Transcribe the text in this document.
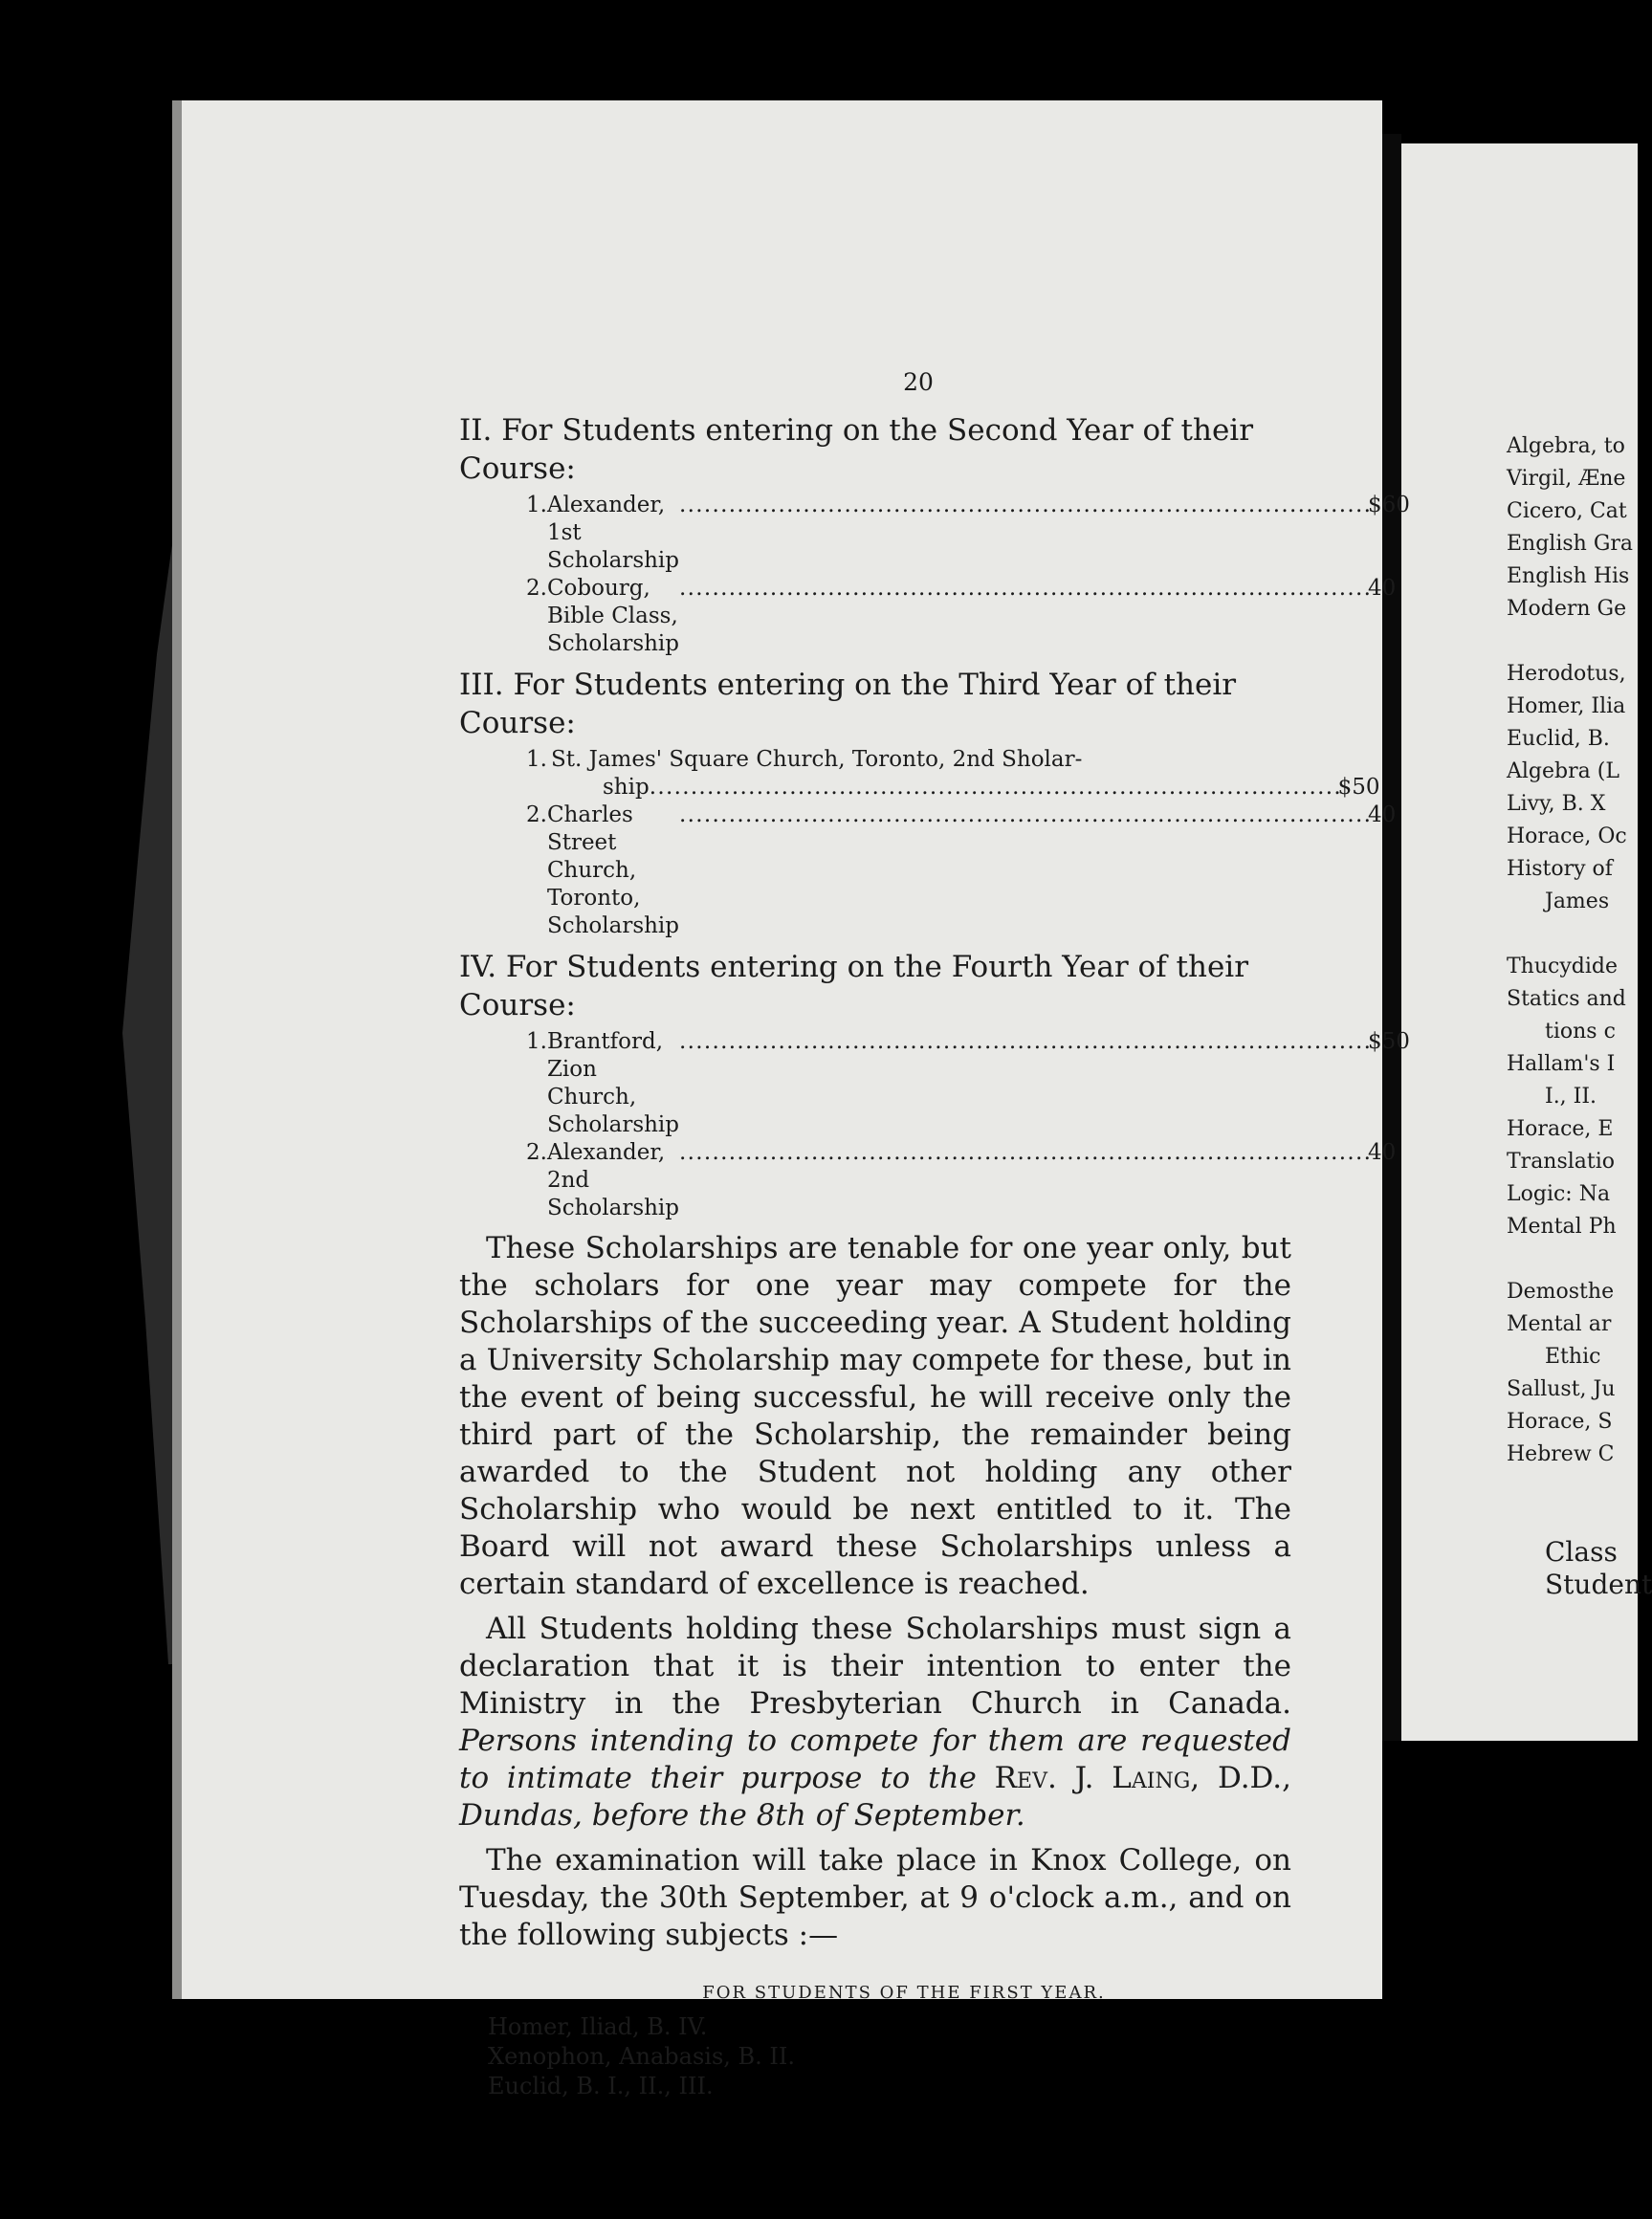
20

II. For Students entering on the Second Year of their
Course:

1. Alexander, 1st Scholarship
. . .
$60
2. Cobourg, Bible Class, Scholarship
. . .
40

III. For Students entering on the Third Year of their
Course:

1. St. James' Square Church, Toronto, 2nd Sholar-
ship
. . .	$50
2. Charles Street Church, Toronto, Scholarship
. . .
40

IV. For Students entering on the Fourth Year of their
Course:

1. Brantford, Zion Church, Scholarship
. . .
$50
2. Alexander, 2nd Scholarship
. . .
40

These Scholarships are tenable for one year only, but the scholars for one year may compete for the Scholarships of the succeeding year. A Student holding a University Scholarship may compete for these, but in the event of being successful, he will receive only the third part of the Scholarship, the remainder being awarded to the Student not holding any other Scholarship who would be next entitled to it. The Board will not award these Scholarships unless a certain standard of excellence is reached.

All Students holding these Scholarships must sign a declaration that it is their intention to enter the Ministry in the Presbyterian Church in Canada. Persons intending to compete for them are requested to intimate their purpose to the Rev. J. Laing, D.D., Dundas, before the 8th of September.

The examination will take place in Knox College, on Tuesday, the 30th September, at 9 o'clock a.m., and on the following subjects :—

FOR STUDENTS OF THE FIRST YEAR.
Homer, Iliad, B. IV.
Xenophon, Anabasis, B. II.
Euclid, B. I., II., III.
Algebra, to
Virgil, Æne
Cicero, Cat
English Gra
English His
Modern Ge
Herodotus,
Homer, Ilia
Euclid, B.
Algebra (L
Livy, B. X
Horace, Oc
History of
James
Thucydide
Statics and
tions c
Hallam's I
I., II.
Horace, E
Translatio
Logic: Na
Mental Ph
Demosthe
Mental ar
Ethic
Sallust, Ju
Horace, S
Hebrew C
Class
Student
